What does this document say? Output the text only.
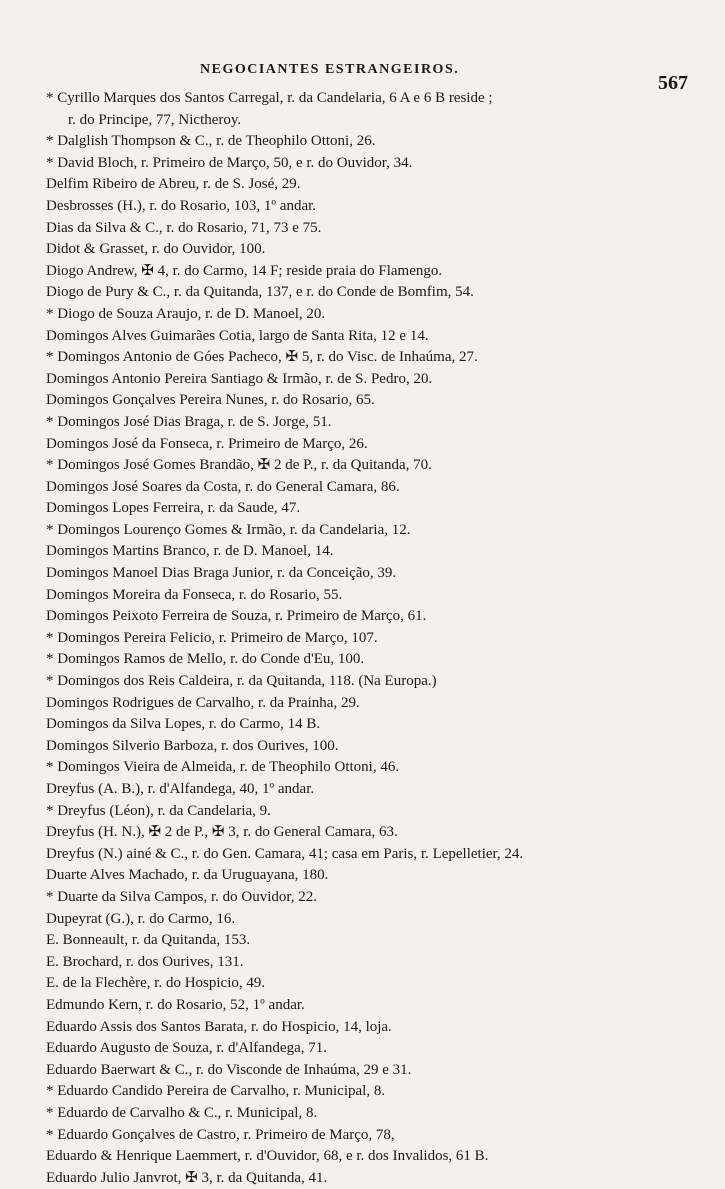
NEGOCIANTES ESTRANGEIROS.
567
* Cyrillo Marques dos Santos Carregal, r. da Candelaria, 6 A e 6 B reside ;
r. do Principe, 77, Nictheroy.
* Dalglish Thompson & C., r. de Theophilo Ottoni, 26.
* David Bloch, r. Primeiro de Março, 50, e r. do Ouvidor, 34.
Delfim Ribeiro de Abreu, r. de S. José, 29.
Desbrosses (H.), r. do Rosario, 103, 1º andar.
Dias da Silva & C., r. do Rosario, 71, 73 e 75.
Didot & Grasset, r. do Ouvidor, 100.
Diogo Andrew, ✠ 4, r. do Carmo, 14 F; reside praia do Flamengo.
Diogo de Pury & C., r. da Quitanda, 137, e r. do Conde de Bomfim, 54.
* Diogo de Souza Araujo, r. de D. Manoel, 20.
Domingos Alves Guimarães Cotia, largo de Santa Rita, 12 e 14.
* Domingos Antonio de Góes Pacheco, ✠ 5, r. do Visc. de Inhaúma, 27.
Domingos Antonio Pereira Santiago & Irmão, r. de S. Pedro, 20.
Domingos Gonçalves Pereira Nunes, r. do Rosario, 65.
* Domingos José Dias Braga, r. de S. Jorge, 51.
Domingos José da Fonseca, r. Primeiro de Março, 26.
* Domingos José Gomes Brandão, ✠ 2 de P., r. da Quitanda, 70.
Domingos José Soares da Costa, r. do General Camara, 86.
Domingos Lopes Ferreira, r. da Saude, 47.
* Domingos Lourenço Gomes & Irmão, r. da Candelaria, 12.
Domingos Martins Branco, r. de D. Manoel, 14.
Domingos Manoel Dias Braga Junior, r. da Conceição, 39.
Domingos Moreira da Fonseca, r. do Rosario, 55.
Domingos Peixoto Ferreira de Souza, r. Primeiro de Março, 61.
* Domingos Pereira Felicio, r. Primeiro de Março, 107.
* Domingos Ramos de Mello, r. do Conde d'Eu, 100.
* Domingos dos Reis Caldeira, r. da Quitanda, 118. (Na Europa.)
Domingos Rodrigues de Carvalho, r. da Prainha, 29.
Domingos da Silva Lopes, r. do Carmo, 14 B.
Domingos Silverio Barboza, r. dos Ourives, 100.
* Domingos Vieira de Almeida, r. de Theophilo Ottoni, 46.
Dreyfus (A. B.), r. d'Alfandega, 40, 1º andar.
* Dreyfus (Léon), r. da Candelaria, 9.
Dreyfus (H. N.), ✠ 2 de P., ✠ 3, r. do General Camara, 63.
Dreyfus (N.) ainé & C., r. do Gen. Camara, 41; casa em Paris, r. Lepelletier, 24.
Duarte Alves Machado, r. da Uruguayana, 180.
* Duarte da Silva Campos, r. do Ouvidor, 22.
Dupeyrat (G.), r. do Carmo, 16.
E. Bonneault, r. da Quitanda, 153.
E. Brochard, r. dos Ourives, 131.
E. de la Flechère, r. do Hospicio, 49.
Edmundo Kern, r. do Rosario, 52, 1º andar.
Eduardo Assis dos Santos Barata, r. do Hospicio, 14, loja.
Eduardo Augusto de Souza, r. d'Alfandega, 71.
Eduardo Baerwart & C., r. do Visconde de Inhaúma, 29 e 31.
* Eduardo Candido Pereira de Carvalho, r. Municipal, 8.
* Eduardo de Carvalho & C., r. Municipal, 8.
* Eduardo Gonçalves de Castro, r. Primeiro de Março, 78,
Eduardo & Henrique Laemmert, r. d'Ouvidor, 68, e r. dos Invalidos, 61 B.
Eduardo Julio Janvrot, ✠ 3, r. da Quitanda, 41.
